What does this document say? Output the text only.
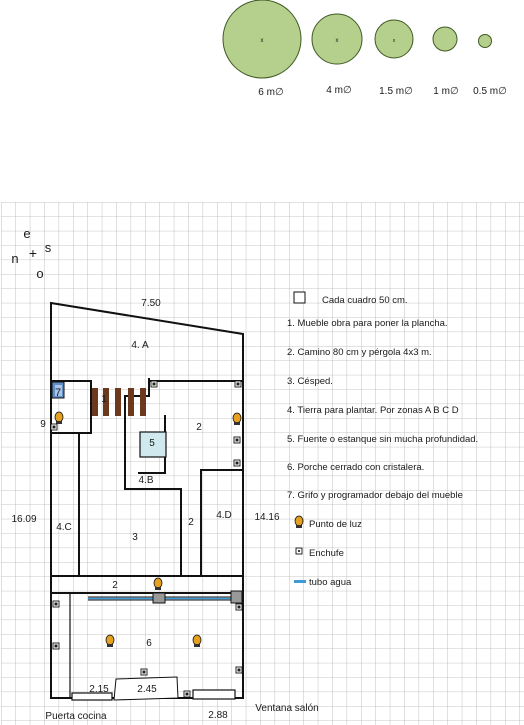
x	x	x
6 m∅	4 m∅	1.5 m∅ 1 m∅ 0.5 m∅
e
n + s
o
4. A
1
7
9
5
2
4.B
4.C
3
2
4.D
2
6
7.50
16.09	14.16
2.15	2.45
2.88
Puerta cocina
Ventana salón
Cada cuadro 50 cm.
1. Mueble obra para poner la plancha.
2. Camino 80 cm y pérgola 4x3 m.
3. Césped.
4. Tierra para plantar. Por zonas A B C D
5. Fuente o estanque sin mucha profundidad.
6. Porche cerrado con cristalera.
7. Grifo y programador debajo del mueble
Punto de luz
Enchufe
tubo agua
